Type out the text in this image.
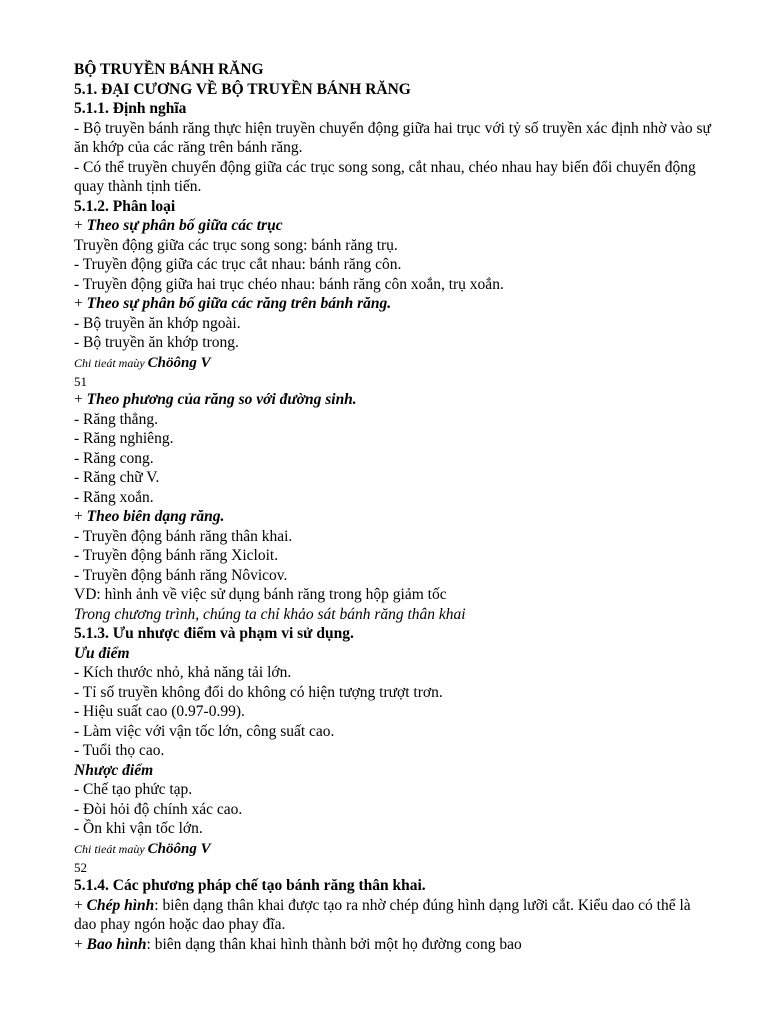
BỘ TRUYỀN BÁNH RĂNG
5.1. ĐẠI CƯƠNG VỀ BỘ TRUYỀN BÁNH RĂNG
5.1.1. Định nghĩa
- Bộ truyền bánh răng thực hiện truyền chuyển động giữa hai trục với tỷ số truyền xác định nhờ vào sự ăn khớp của các răng trên bánh răng.
- Có thể truyền chuyển động giữa các trục song song, cắt nhau, chéo nhau hay biến đổi chuyển động quay thành tịnh tiến.
5.1.2. Phân loại
+ Theo sự phân bố giữa các trục
Truyền động giữa các trục song song: bánh răng trụ.
- Truyền động giữa các trục cắt nhau: bánh răng côn.
- Truyền động giữa hai trục chéo nhau: bánh răng côn xoắn, trụ xoắn.
+ Theo sự phân bố giữa các răng trên bánh răng.
- Bộ truyền ăn khớp ngoài.
- Bộ truyền ăn khớp trong.
Chi tieát maùy Chöông V
51
+ Theo phương của răng so với đường sinh.
- Răng thẳng.
- Răng nghiêng.
- Răng cong.
- Răng chữ V.
- Răng xoắn.
+ Theo biên dạng răng.
- Truyền động bánh răng thân khai.
- Truyền động bánh răng Xicloit.
- Truyền động bánh răng Nôvicov.
VD: hình ảnh về việc sử dụng bánh răng trong hộp giảm tốc
Trong chương trình, chúng ta chỉ khảo sát bánh răng thân khai
5.1.3. Ưu nhược điểm và phạm vi sử dụng.
Ưu điểm
- Kích thước nhỏ, khả năng tải lớn.
- Tỉ số truyền không đổi do không có hiện tượng trượt trơn.
- Hiệu suất cao (0.97-0.99).
- Làm việc với vận tốc lớn, công suất cao.
- Tuổi thọ cao.
Nhược điểm
- Chế tạo phức tạp.
- Đòi hỏi độ chính xác cao.
- Ồn khi vận tốc lớn.
Chi tieát maùy Chöông V
52
5.1.4. Các phương pháp chế tạo bánh răng thân khai.
+ Chép hình: biên dạng thân khai được tạo ra nhờ chép đúng hình dạng lưỡi cắt. Kiểu dao có thể là dao phay ngón hoặc dao phay đĩa.
+ Bao hình: biên dạng thân khai hình thành bởi một họ đường cong bao
